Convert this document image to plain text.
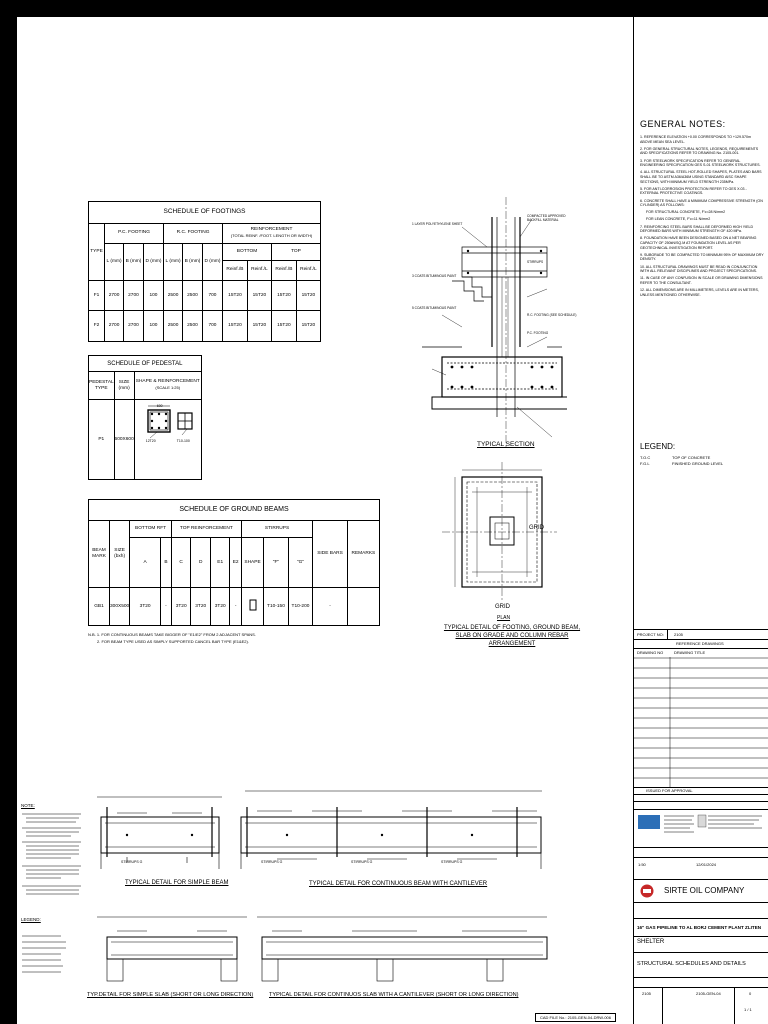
SCHEDULE OF FOOTINGS										
TYPE	P.C. FOOTING			R.C. FOOTING			REINFORCEMENT
(TOTAL REINF. /FOOT. LENGTH OR WIDTH)			
	L (mm)	B (mm)	D (mm)	L (mm)	B (mm)	D (mm)	BOTTOM		TOP	
							Reinf./B	Reinf./L	Reinf./B	Reinf./L
F1	2700	2700	100	2500	2500	700	15T20	15T20	15T20	15T20
F2	2700	2700	100	2500	2500	700	15T20	15T20	15T20	15T20
SCHEDULE OF PEDESTAL		
PEDESTAL TYPE	SIZE (mm)	SHAPE & REINFORCEMENT
(SCALE 1:25)
P1	600X600	600
12T20 T10-100
SCHEDULE OF GROUND BEAMS												
BEAM MARK	SIZE (bxh)	BOTTOM RFT		TOP REINFORCEMENT				STIRRUPS			SIDE BARS	REMARKS
		A	B	C	D	E1	E2	SHAPE	"F"	"G"		
GB1	300X500	3T20	-	3T20	3T20	3T20	-		T10-150	T10-200	-	
N.B. 1. FOR CONTINUOUS BEAMS TAKE BIGGER OF "E1/E2" FROM 2 ADJACENT SPANS.
2. FOR BEAM TYPE USED AS SIMPLY SUPPORTED CANCEL BAR TYPE (E1&E2).
1 LAYER POLYETHYLENE SHEET
3 COATS BITUMINOUS PAINT
5 COATS BITUMINOUS PAINT
COMPACTED APPROVED BACKFILL MATERIAL
STIRRUPS
R.C. FOOTING (SEE SCHEDULE)
P.C. FOOTING
TYPICAL SECTION
GRID
GRID
PLAN
TYPICAL DETAIL OF FOOTING, GROUND BEAM, SLAB ON GRADE AND COLUMN REBAR ARRANGEMENT
NOTE:
LEGEND:
STIRRUPS G	STIRRUPS G	STIRRUPS G	STIRRUPS G
TYPICAL DETAIL FOR SIMPLE BEAM	TYPICAL DETAIL FOR CONTINUOUS BEAM WITH CANTILEVER
TYP.DETAIL FOR SIMPLE SLAB (SHORT OR LONG DIRECTION)	TYPICAL DETAIL FOR CONTINUOS SLAB WITH A CANTILEVER (SHORT OR LONG DIRECTION)
GENERAL NOTES:
1. REFERENCE ELEVATION +0.00 CORRESPONDS TO +129.570m ABOVE MEAN SEA LEVEL.
2. FOR GENERAL STRUCTURAL NOTES, LEGENDS, REQUIREMENTS AND SPECIFICATIONS REFER TO DRAWING No. 2105-001.
3. FOR STEELWORK SPECIFICATION REFER TO GENERAL ENGINEERING SPECIFICATION GES S-01 STEELWORK STRUCTURES.
4. ALL STRUCTURAL STEEL HOT-ROLLED SHAPES, PLATES AND BARS SHALL BE TO ASTM A36/A36M USING STANDARD AISC SHAPE SECTIONS, WITH MINIMUM YIELD STRENGTH 235MPa.
5. FOR ANTI-CORROSION PROTECTION REFER TO GES X.03 - EXTERNAL PROTECTIVE COATINGS.
6. CONCRETE SHALL HAVE A MINIMUM COMPRESSIVE STRENGTH (ON CYLINDER) AS FOLLOWS:
FOR STRUCTURAL CONCRETE, F'c=28 N/mm2
FOR LEAN CONCRETE, F'c=11 N/mm2
7. REINFORCING STEEL BARS SHALL BE DEFORMED HIGH YIELD DEFORMED BARS WITH MINIMUM STRENGTH OF 420 MPa.
8. FOUNDATION HAVE BEEN DESIGNED BASED ON A NET BEARING CAPACITY OF 250kN/SQ.M AT FOUNDATION LEVEL AS PER GEOTECHNICAL INVESTIGATION REPORT.
9. SUBGRADE TO BE COMPACTED TO MINIMUM 95% OF MAXIMUM DRY DENSITY.
10. ALL STRUCTURAL DRAWINGS MUST BE READ IN CONJUNCTION WITH ALL RELEVANT DISCIPLINES AND PROJECT SPECIFICATIONS.
11. IN CASE OF ANY CONFUSION IN SCALE OR DRAWING DIMENSIONS REFER TO THE CONSULTANT.
12. ALL DIMENSIONS ARE IN MILLIMETERS, LEVELS ARE IN METERS, UNLESS MENTIONED OTHERWISE.
LEGEND:
T.O.C	TOP OF CONCRETE
F.G.L	FINISHED GROUND LEVEL
PROJECT NO:	2105
REFERENCE DRAWINGS
DRAWING NO	DRAWING TITLE
ISSUED FOR APPROVAL
1:50	12/01/2024
SIRTE OIL COMPANY
16" GAS PIPELINE TO AL BORJ CEMENT PLANT ZLITEN
SHELTER
STRUCTURAL SCHEDULES AND DETAILS
2105	2105-GEN-04	0
1 / 1
CAD FILE No.: 2105-GEN-04-DRW-006
